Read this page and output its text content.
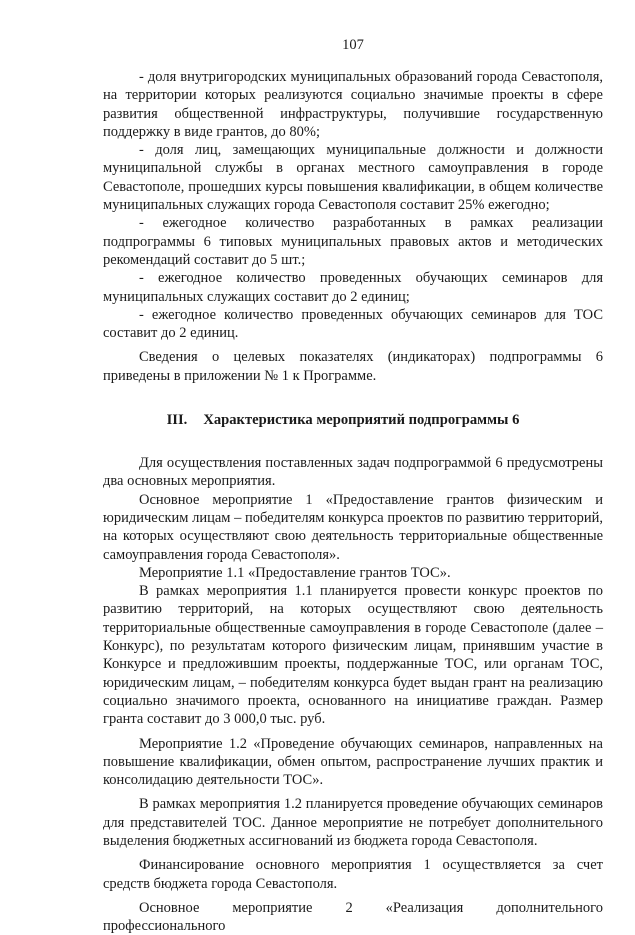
107

- доля внутригородских муниципальных образований города Севастополя, на территории которых реализуются социально значимые проекты в сфере развития общественной инфраструктуры, получившие государственную поддержку в виде грантов, до 80%;

- доля лиц, замещающих муниципальные должности и должности муниципальной службы в органах местного самоуправления в городе Севастополе, прошедших курсы повышения квалификации, в общем количестве муниципальных служащих города Севастополя составит 25% ежегодно;

- ежегодное количество разработанных в рамках реализации подпрограммы 6 типовых муниципальных правовых актов и методических рекомендаций составит до 5 шт.;

- ежегодное количество проведенных обучающих семинаров для муниципальных служащих составит до 2 единиц;

- ежегодное количество проведенных обучающих семинаров для ТОС составит до 2 единиц.

Сведения о целевых показателях (индикаторах) подпрограммы 6 приведены в приложении № 1 к Программе.

III. Характеристика мероприятий подпрограммы 6

Для осуществления поставленных задач подпрограммой 6 предусмотрены два основных мероприятия.

Основное мероприятие 1 «Предоставление грантов физическим и юридическим лицам – победителям конкурса проектов по развитию территорий, на которых осуществляют свою деятельность территориальные общественные самоуправления города Севастополя».

Мероприятие 1.1 «Предоставление грантов ТОС».

В рамках мероприятия 1.1 планируется провести конкурс проектов по развитию территорий, на которых осуществляют свою деятельность территориальные общественные самоуправления в городе Севастополе (далее – Конкурс), по результатам которого физическим лицам, принявшим участие в Конкурсе и предложившим проекты, поддержанные ТОС, или органам ТОС, юридическим лицам, – победителям конкурса будет выдан грант на реализацию социально значимого проекта, основанного на инициативе граждан. Размер гранта составит до 3 000,0 тыс. руб.

Мероприятие 1.2 «Проведение обучающих семинаров, направленных на повышение квалификации, обмен опытом, распространение лучших практик и консолидацию деятельности ТОС».

В рамках мероприятия 1.2 планируется проведение обучающих семинаров для представителей ТОС. Данное мероприятие не потребует дополнительного выделения бюджетных ассигнований из бюджета города Севастополя.

Финансирование основного мероприятия 1 осуществляется за счет средств бюджета города Севастополя.

Основное мероприятие 2 «Реализация дополнительного профессионального
